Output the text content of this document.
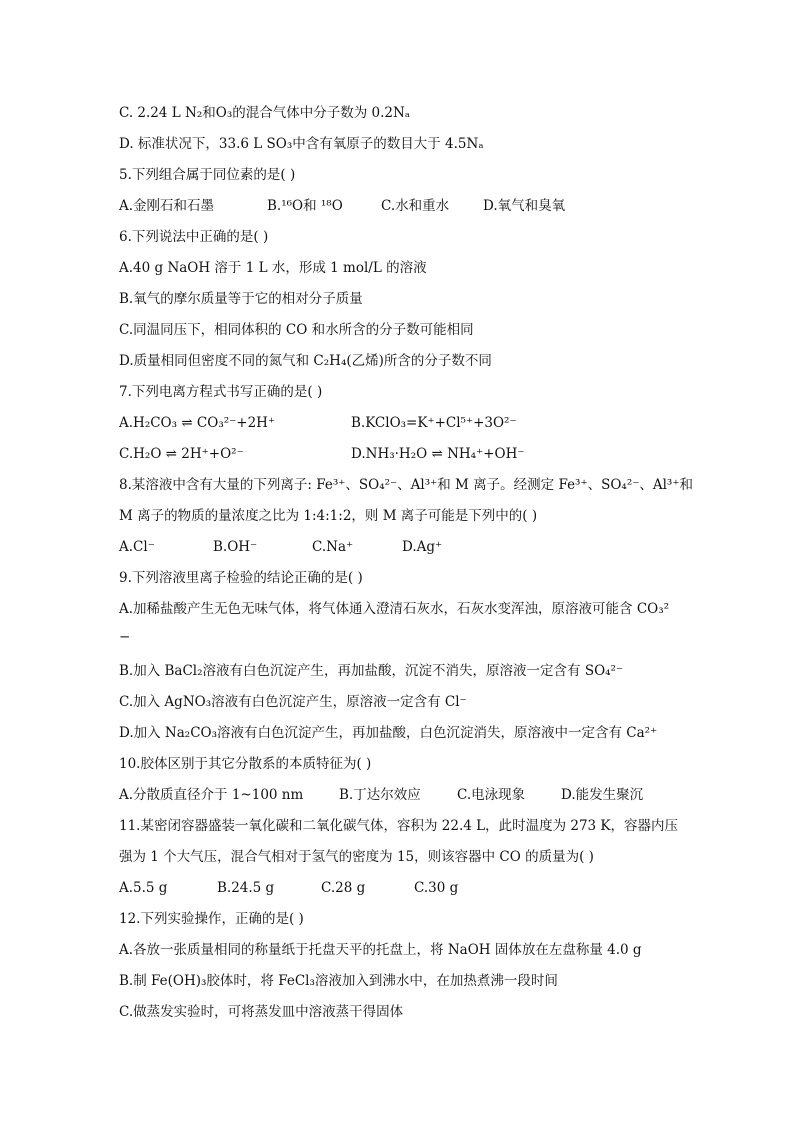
C. 2.24 L N₂和O₃的混合气体中分子数为 0.2Nₐ
D. 标准状况下，33.6 L SO₃中含有氧原子的数目大于 4.5Nₐ
5.下列组合属于同位素的是( )
A.金刚石和石墨	B.¹⁶O和 ¹⁸O	C.水和重水	D.氧气和臭氧
6.下列说法中正确的是( )
A.40 g NaOH 溶于 1 L 水，形成 1 mol/L 的溶液
B.氧气的摩尔质量等于它的相对分子质量
C.同温同压下，相同体积的 CO 和水所含的分子数可能相同
D.质量相同但密度不同的氮气和 C₂H₄(乙烯)所含的分子数不同
7.下列电离方程式书写正确的是( )
A.H₂CO₃ ⇌ CO₃²⁻+2H⁺	B.KClO₃=K⁺+Cl⁵⁺+3O²⁻
C.H₂O ⇌ 2H⁺+O²⁻	D.NH₃·H₂O ⇌ NH₄⁺+OH⁻
8.某溶液中含有大量的下列离子: Fe³⁺、SO₄²⁻、Al³⁺和 M 离子。经测定 Fe³⁺、SO₄²⁻、Al³⁺和
M 离子的物质的量浓度之比为 1:4:1:2，则 M 离子可能是下列中的( )
A.Cl⁻	B.OH⁻	C.Na⁺	D.Ag⁺
9.下列溶液里离子检验的结论正确的是( )
A.加稀盐酸产生无色无味气体，将气体通入澄清石灰水，石灰水变浑浊，原溶液可能含 CO₃²
−
B.加入 BaCl₂溶液有白色沉淀产生，再加盐酸，沉淀不消失，原溶液一定含有 SO₄²⁻
C.加入 AgNO₃溶液有白色沉淀产生，原溶液一定含有 Cl⁻
D.加入 Na₂CO₃溶液有白色沉淀产生，再加盐酸，白色沉淀消失，原溶液中一定含有 Ca²⁺
10.胶体区别于其它分散系的本质特征为( )
A.分散质直径介于 1~100 nm	B.丁达尔效应	C.电泳现象	D.能发生聚沉
11.某密闭容器盛装一氧化碳和二氧化碳气体，容积为 22.4 L，此时温度为 273 K，容器内压
强为 1 个大气压，混合气相对于氢气的密度为 15，则该容器中 CO 的质量为( )
A.5.5 g	B.24.5 g	C.28 g	C.30 g
12.下列实验操作，正确的是( )
A.各放一张质量相同的称量纸于托盘天平的托盘上，将 NaOH 固体放在左盘称量 4.0 g
B.制 Fe(OH)₃胶体时，将 FeCl₃溶液加入到沸水中，在加热煮沸一段时间
C.做蒸发实验时，可将蒸发皿中溶液蒸干得固体
